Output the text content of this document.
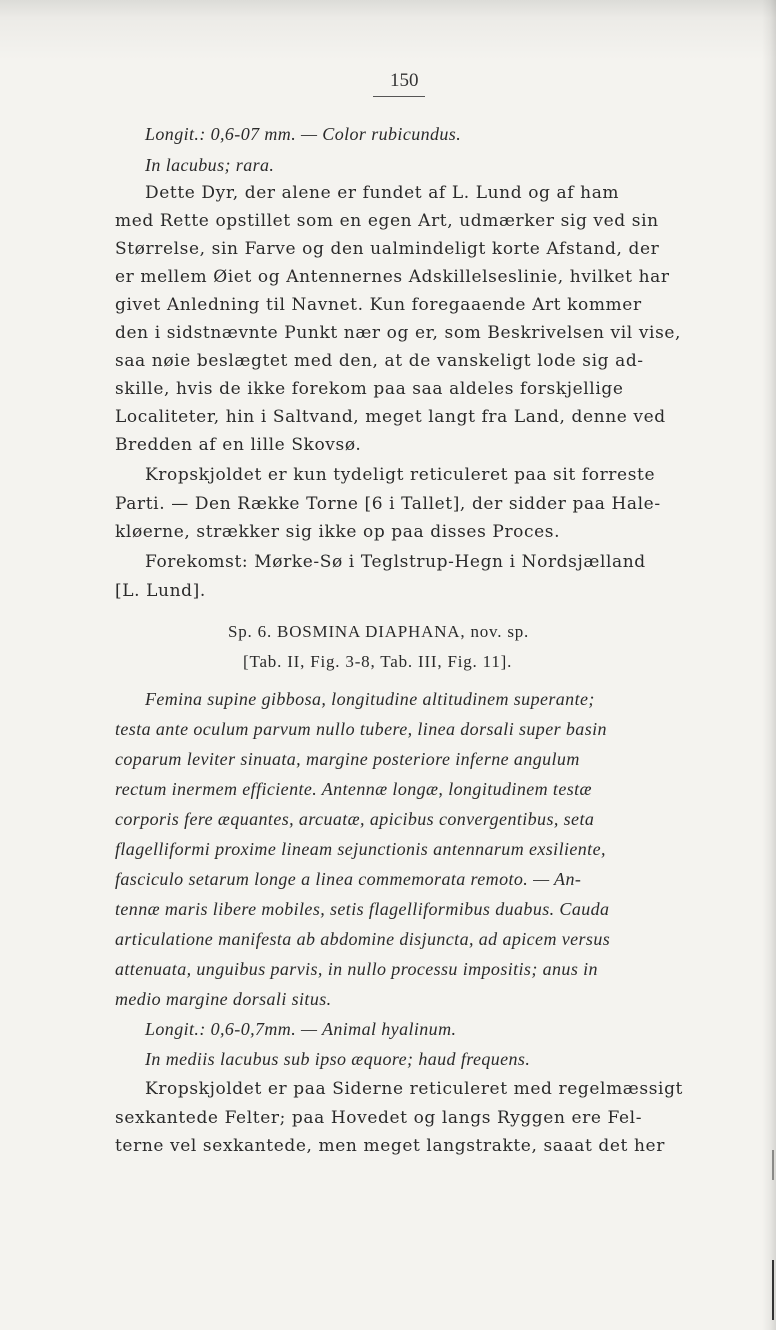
150
Longit.: 0,6-07 mm. — Color rubicundus.
In lacubus; rara.
Dette Dyr, der alene er fundet af L. Lund og af ham
med Rette opstillet som en egen Art, udmærker sig ved sin
Størrelse, sin Farve og den ualmindeligt korte Afstand, der
er mellem Øiet og Antennernes Adskillelseslinie, hvilket har
givet Anledning til Navnet. Kun foregaaende Art kommer
den i sidstnævnte Punkt nær og er, som Beskrivelsen vil vise,
saa nøie beslægtet med den, at de vanskeligt lode sig ad-
skille, hvis de ikke forekom paa saa aldeles forskjellige
Localiteter, hin i Saltvand, meget langt fra Land, denne ved
Bredden af en lille Skovsø.
Kropskjoldet er kun tydeligt reticuleret paa sit forreste
Parti. — Den Række Torne [6 i Tallet], der sidder paa Hale-
kløerne, strækker sig ikke op paa disses Proces.
Forekomst: Mørke-Sø i Teglstrup-Hegn i Nordsjælland
[L. Lund].
Sp. 6. BOSMINA DIAPHANA, nov. sp.
[Tab. II, Fig. 3-8, Tab. III, Fig. 11].
Femina supine gibbosa, longitudine altitudinem superante;
testa ante oculum parvum nullo tubere, linea dorsali super basin
coparum leviter sinuata, margine posteriore inferne angulum
rectum inermem efficiente. Antennæ longæ, longitudinem testæ
corporis fere æquantes, arcuatæ, apicibus convergentibus, seta
flagelliformi proxime lineam sejunctionis antennarum exsiliente,
fasciculo setarum longe a linea commemorata remoto. — An-
tennæ maris libere mobiles, setis flagelliformibus duabus. Cauda
articulatione manifesta ab abdomine disjuncta, ad apicem versus
attenuata, unguibus parvis, in nullo processu impositis; anus in
medio margine dorsali situs.
Longit.: 0,6-0,7mm. — Animal hyalinum.
In mediis lacubus sub ipso æquore; haud frequens.
Kropskjoldet er paa Siderne reticuleret med regelmæssigt
sexkantede Felter; paa Hovedet og langs Ryggen ere Fel-
terne vel sexkantede, men meget langstrakte, saaat det her
